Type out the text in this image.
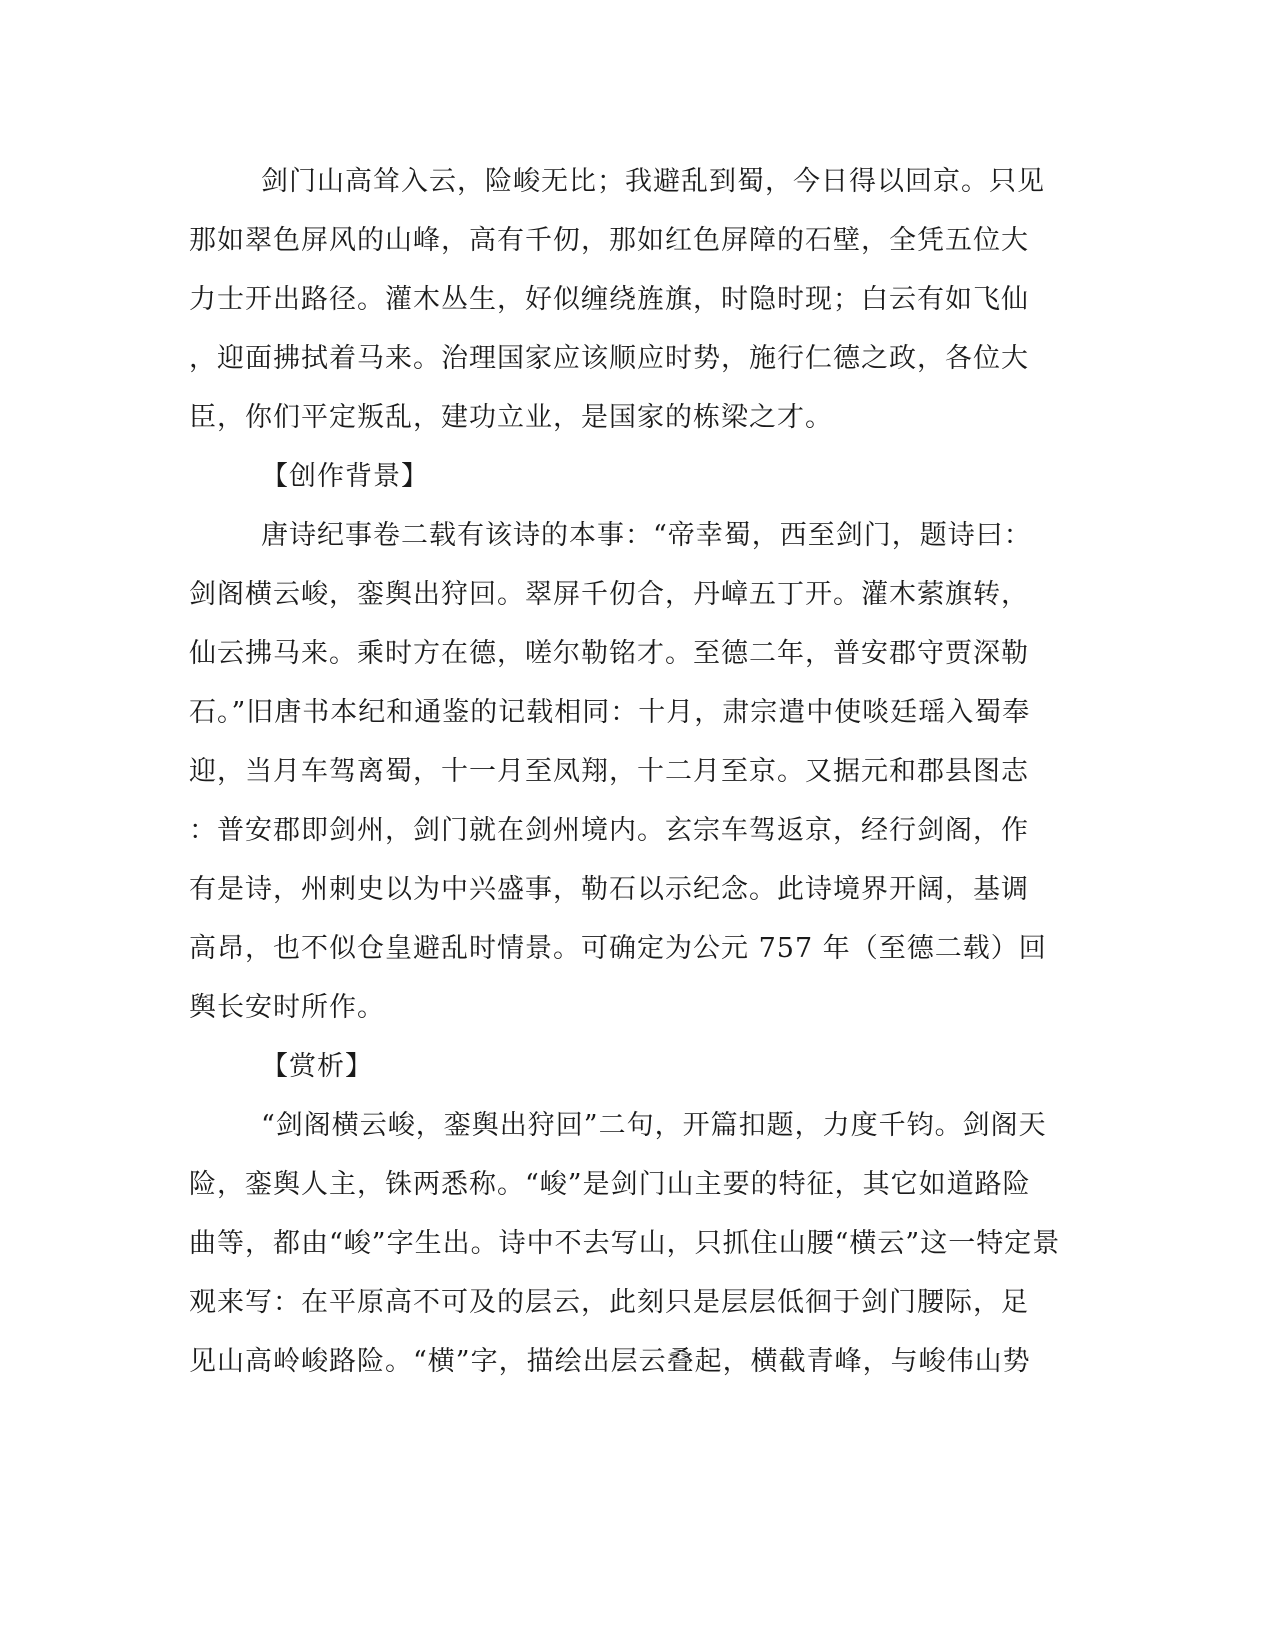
剑门山高耸入云，险峻无比；我避乱到蜀，今日得以回京。只见
那如翠色屏风的山峰，高有千仞，那如红色屏障的石壁，全凭五位大
力士开出路径。灌木丛生，好似缠绕旌旗，时隐时现；白云有如飞仙
，迎面拂拭着马来。治理国家应该顺应时势，施行仁德之政，各位大
臣，你们平定叛乱，建功立业，是国家的栋梁之才。
【创作背景】
唐诗纪事卷二载有该诗的本事：“帝幸蜀，西至剑门，题诗曰：
剑阁横云峻，銮舆出狩回。翠屏千仞合，丹嶂五丁开。灌木萦旗转，
仙云拂马来。乘时方在德，嗟尔勒铭才。至德二年，普安郡守贾深勒
石。”旧唐书本纪和通鉴的记载相同：十月，肃宗遣中使啖廷瑶入蜀奉
迎，当月车驾离蜀，十一月至凤翔，十二月至京。又据元和郡县图志
：普安郡即剑州，剑门就在剑州境内。玄宗车驾返京，经行剑阁，作
有是诗，州刺史以为中兴盛事，勒石以示纪念。此诗境界开阔，基调
高昂，也不似仓皇避乱时情景。可确定为公元 757 年（至德二载）回
舆长安时所作。
【赏析】
“剑阁横云峻，銮舆出狩回”二句，开篇扣题，力度千钧。剑阁天
险，銮舆人主，铢两悉称。“峻”是剑门山主要的特征，其它如道路险
曲等，都由“峻”字生出。诗中不去写山，只抓住山腰“横云”这一特定景
观来写：在平原高不可及的层云，此刻只是层层低徊于剑门腰际，足
见山高岭峻路险。“横”字，描绘出层云叠起，横截青峰，与峻伟山势
